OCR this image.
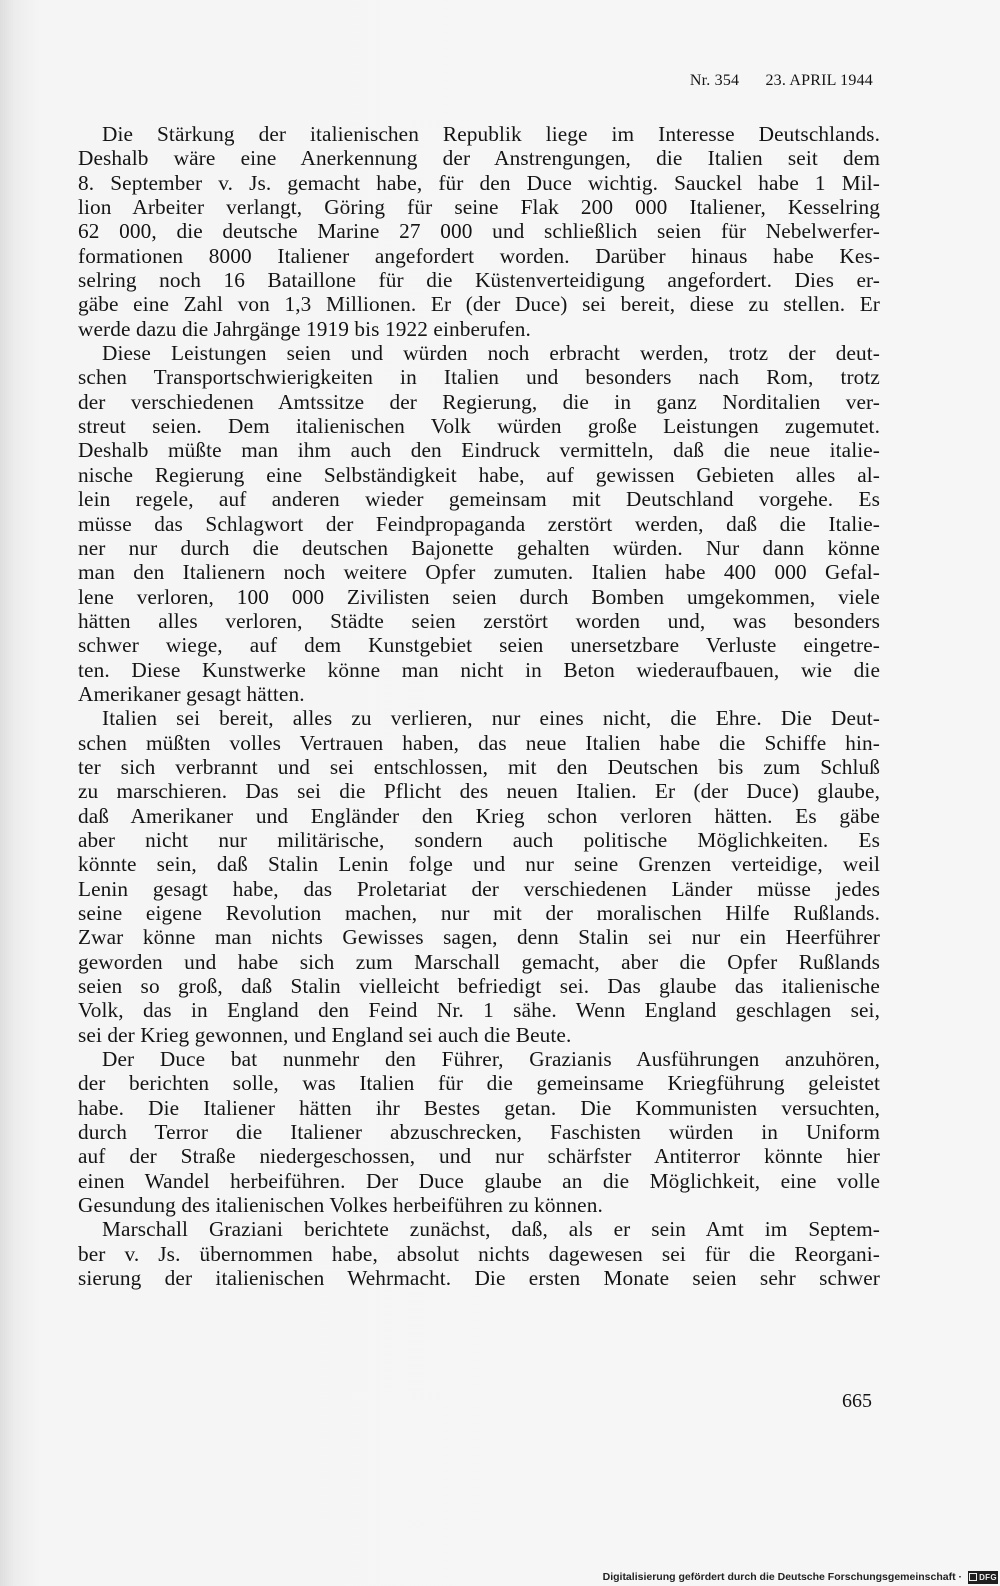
Nr. 354 23. APRIL 1944
Die Stärkung der italienischen Republik liege im Interesse Deutschlands.
Deshalb wäre eine Anerkennung der Anstrengungen, die Italien seit dem
8. September v. Js. gemacht habe, für den Duce wichtig. Sauckel habe 1 Mil-
lion Arbeiter verlangt, Göring für seine Flak 200 000 Italiener, Kesselring
62 000, die deutsche Marine 27 000 und schließlich seien für Nebelwerfer-
formationen 8000 Italiener angefordert worden. Darüber hinaus habe Kes-
selring noch 16 Bataillone für die Küstenverteidigung angefordert. Dies er-
gäbe eine Zahl von 1,3 Millionen. Er (der Duce) sei bereit, diese zu stellen. Er
werde dazu die Jahrgänge 1919 bis 1922 einberufen.
Diese Leistungen seien und würden noch erbracht werden, trotz der deut-
schen Transportschwierigkeiten in Italien und besonders nach Rom, trotz
der verschiedenen Amtssitze der Regierung, die in ganz Norditalien ver-
streut seien. Dem italienischen Volk würden große Leistungen zugemutet.
Deshalb müßte man ihm auch den Eindruck vermitteln, daß die neue italie-
nische Regierung eine Selbständigkeit habe, auf gewissen Gebieten alles al-
lein regele, auf anderen wieder gemeinsam mit Deutschland vorgehe. Es
müsse das Schlagwort der Feindpropaganda zerstört werden, daß die Italie-
ner nur durch die deutschen Bajonette gehalten würden. Nur dann könne
man den Italienern noch weitere Opfer zumuten. Italien habe 400 000 Gefal-
lene verloren, 100 000 Zivilisten seien durch Bomben umgekommen, viele
hätten alles verloren, Städte seien zerstört worden und, was besonders
schwer wiege, auf dem Kunstgebiet seien unersetzbare Verluste eingetre-
ten. Diese Kunstwerke könne man nicht in Beton wiederaufbauen, wie die
Amerikaner gesagt hätten.
Italien sei bereit, alles zu verlieren, nur eines nicht, die Ehre. Die Deut-
schen müßten volles Vertrauen haben, das neue Italien habe die Schiffe hin-
ter sich verbrannt und sei entschlossen, mit den Deutschen bis zum Schluß
zu marschieren. Das sei die Pflicht des neuen Italien. Er (der Duce) glaube,
daß Amerikaner und Engländer den Krieg schon verloren hätten. Es gäbe
aber nicht nur militärische, sondern auch politische Möglichkeiten. Es
könnte sein, daß Stalin Lenin folge und nur seine Grenzen verteidige, weil
Lenin gesagt habe, das Proletariat der verschiedenen Länder müsse jedes
seine eigene Revolution machen, nur mit der moralischen Hilfe Rußlands.
Zwar könne man nichts Gewisses sagen, denn Stalin sei nur ein Heerführer
geworden und habe sich zum Marschall gemacht, aber die Opfer Rußlands
seien so groß, daß Stalin vielleicht befriedigt sei. Das glaube das italienische
Volk, das in England den Feind Nr. 1 sähe. Wenn England geschlagen sei,
sei der Krieg gewonnen, und England sei auch die Beute.
Der Duce bat nunmehr den Führer, Grazianis Ausführungen anzuhören,
der berichten solle, was Italien für die gemeinsame Kriegführung geleistet
habe. Die Italiener hätten ihr Bestes getan. Die Kommunisten versuchten,
durch Terror die Italiener abzuschrecken, Faschisten würden in Uniform
auf der Straße niedergeschossen, und nur schärfster Antiterror könnte hier
einen Wandel herbeiführen. Der Duce glaube an die Möglichkeit, eine volle
Gesundung des italienischen Volkes herbeiführen zu können.
Marschall Graziani berichtete zunächst, daß, als er sein Amt im Septem-
ber v. Js. übernommen habe, absolut nichts dagewesen sei für die Reorgani-
sierung der italienischen Wehrmacht. Die ersten Monate seien sehr schwer
665
Digitalisierung gefördert durch die Deutsche Forschungsgemeinschaft ·	DFG
